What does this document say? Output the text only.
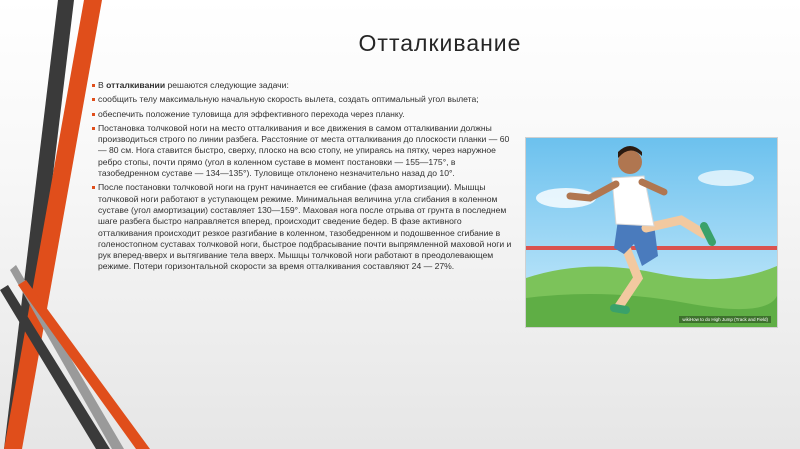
Отталкивание
В отталкивании решаются следующие задачи:
сообщить телу максимальную начальную скорость вылета, создать оптимальный угол вылета;
обеспечить положение туловища для эффективного перехода через планку.
Постановка толчковой ноги на место отталкивания и все движения в самом отталкивании должны производиться строго по линии разбега. Расстояние от места отталкивания до плоскости планки — 60 — 80 см. Нога ставится быстро, сверху, плоско на всю стопу, не упираясь на пятку, через наружное ребро стопы, почти прямо (угол в коленном суставе в момент постановки — 155—175°, в тазобедренном суставе — 134—135°). Туловище отклонено незначительно назад до 10°.
После постановки толчковой ноги на грунт начинается ее сгибание (фаза амортизации). Мышцы толчковой ноги работают в уступающем режиме. Минимальная величина угла сгибания в коленном суставе (угол амортизации) составляет 130—159°. Маховая нога после отрыва от грунта в последнем шаге разбега быстро направляется вперед, происходит сведение бедер. В фазе активного отталкивания происходит резкое разгибание в коленном, тазобедренном и подошвенное сгибание в голеностопном суставах толчковой ноги, быстрое подбрасывание почти выпрямленной маховой ноги и рук вперед-вверх и вытягивание тела вверх. Мышцы толчковой ноги работают в преодолевающем режиме. Потери горизонтальной скорости за время отталкивания составляют 24 — 27%.
wikiHow to do High Jump (Track and Field)
